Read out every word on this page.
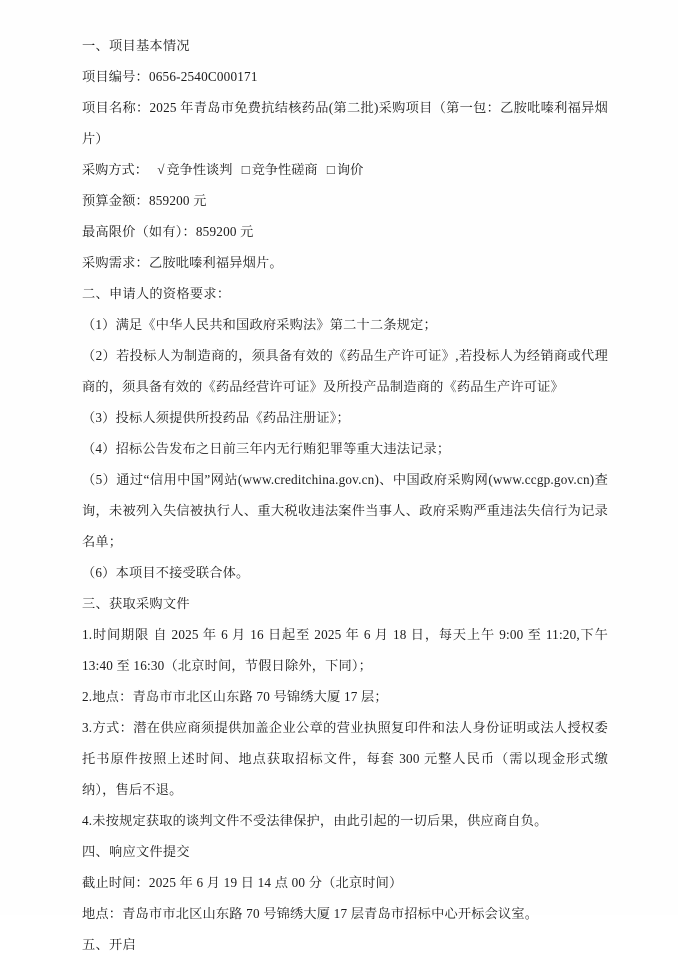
一、项目基本情况
项目编号：0656-2540C000171
项目名称：2025 年青岛市免费抗结核药品(第二批)采购项目（第一包：乙胺吡嗪利福异烟片）
采购方式： √ 竞争性谈判 □ 竞争性磋商 □ 询价
预算金额：859200 元
最高限价（如有）：859200 元
采购需求：乙胺吡嗪利福异烟片。
二、申请人的资格要求：
（1）满足《中华人民共和国政府采购法》第二十二条规定；
（2）若投标人为制造商的，须具备有效的《药品生产许可证》,若投标人为经销商或代理商的，须具备有效的《药品经营许可证》及所投产品制造商的《药品生产许可证》
（3）投标人须提供所投药品《药品注册证》；
（4）招标公告发布之日前三年内无行贿犯罪等重大违法记录；
（5）通过“信用中国”网站(www.creditchina.gov.cn)、中国政府采购网(www.ccgp.gov.cn)查询，未被列入失信被执行人、重大税收违法案件当事人、政府采购严重违法失信行为记录名单；
（6）本项目不接受联合体。
三、获取采购文件
1.时间期限 自 2025 年 6 月 16 日起至 2025 年 6 月 18 日，每天上午 9:00 至 11:20,下午 13:40 至 16:30（北京时间，节假日除外，下同）；
2.地点：青岛市市北区山东路 70 号锦绣大厦 17 层；
3.方式：潜在供应商须提供加盖企业公章的营业执照复印件和法人身份证明或法人授权委托书原件按照上述时间、地点获取招标文件，每套 300 元整人民币（需以现金形式缴纳），售后不退。
4.未按规定获取的谈判文件不受法律保护，由此引起的一切后果，供应商自负。
四、响应文件提交
截止时间：2025 年 6 月 19 日 14 点 00 分（北京时间）
地点：青岛市市北区山东路 70 号锦绣大厦 17 层青岛市招标中心开标会议室。
五、开启
